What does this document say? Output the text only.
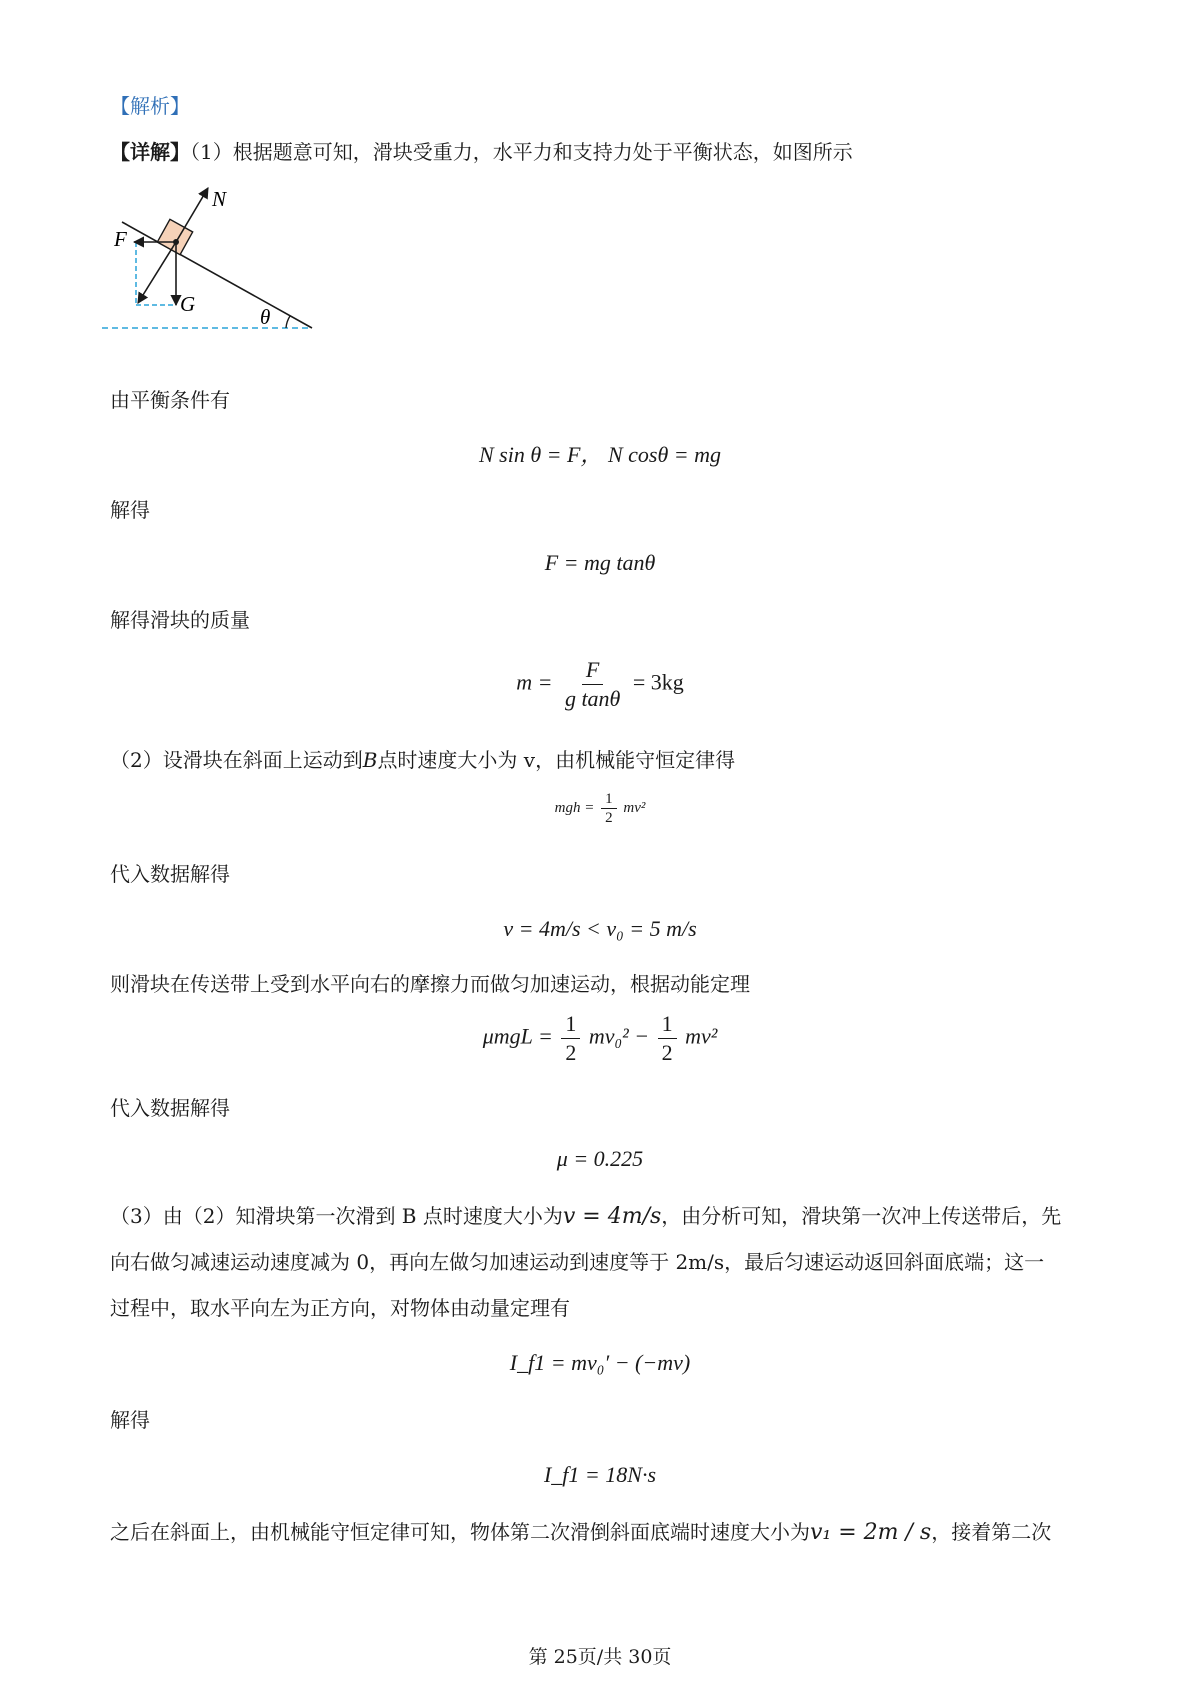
【解析】
【详解】（1）根据题意可知，滑块受重力，水平力和支持力处于平衡状态，如图所示
N
F
G
θ
由平衡条件有
N sin θ = F， N cosθ = mg
解得
F = mg tanθ
解得滑块的质量
$m = \frac{F}{\text{g tanθ}} = 3kg$
（2）设滑块在斜面上运动到B点时速度大小为 v，由机械能守恒定律得
mgh = $\frac{1}{2} mv^2$
代入数据解得
v = 4m/s < v₀ = 5 m/s
则滑块在传送带上受到水平向右的摩擦力而做匀加速运动，根据动能定理
$\mu mgL = \frac{1}{2} mv_0^2 - \frac{1}{2} mv^2$
代入数据解得
μ = 0.225
（3）由（2）知滑块第一次滑到 B 点时速度大小为v = 4m/s，由分析可知，滑块第一次冲上传送带后，先
向右做匀减速运动速度减为 0，再向左做匀加速运动到速度等于 2m/s，最后匀速运动返回斜面底端；这一
过程中，取水平向左为正方向，对物体由动量定理有
I_f1 = mv₀′ − (−mv)
解得
I_f1 = 18N·s
之后在斜面上，由机械能守恒定律可知，物体第二次滑倒斜面底端时速度大小为v₁ = 2m / s，接着第二次
第 25页/共 30页
